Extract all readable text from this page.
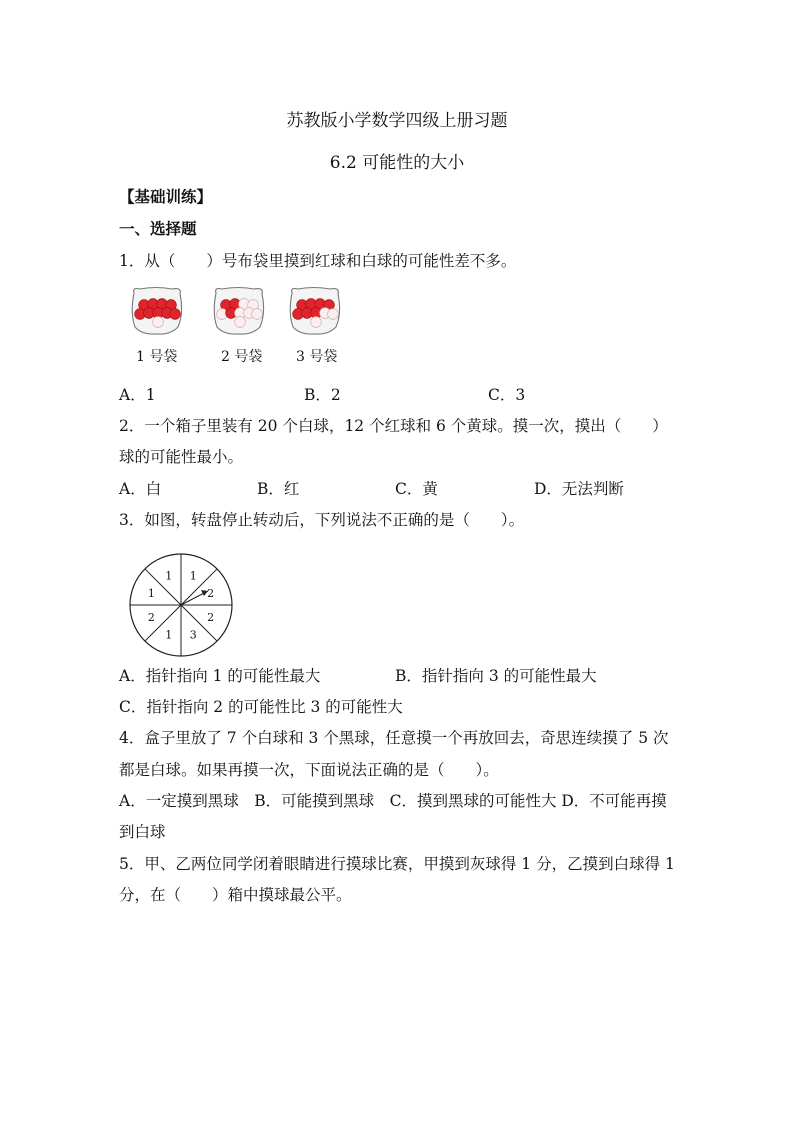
苏教版小学数学四级上册习题
6.2 可能性的大小
【基础训练】
一、选择题
1．从（　　）号布袋里摸到红球和白球的可能性差不多。
1 号袋	2 号袋 3 号袋
A．1	B．2	C．3
2．一个箱子里装有 20 个白球，12 个红球和 6 个黄球。摸一次，摸出（　　）
球的可能性最小。
A．白	B．红	C．黄	D．无法判断
3．如图，转盘停止转动后，下列说法不正确的是（　　）。
1
2
2
3
1
2
1
1
A．指针指向 1 的可能性最大	B．指针指向 3 的可能性最大
C．指针指向 2 的可能性比 3 的可能性大
4．盒子里放了 7 个白球和 3 个黑球，任意摸一个再放回去，奇思连续摸了 5 次
都是白球。如果再摸一次，下面说法正确的是（　　）。
A．一定摸到黑球　B．可能摸到黑球　C．摸到黑球的可能性大 D．不可能再摸
到白球
5．甲、乙两位同学闭着眼睛进行摸球比赛，甲摸到灰球得 1 分，乙摸到白球得 1
分，在（　　）箱中摸球最公平。
